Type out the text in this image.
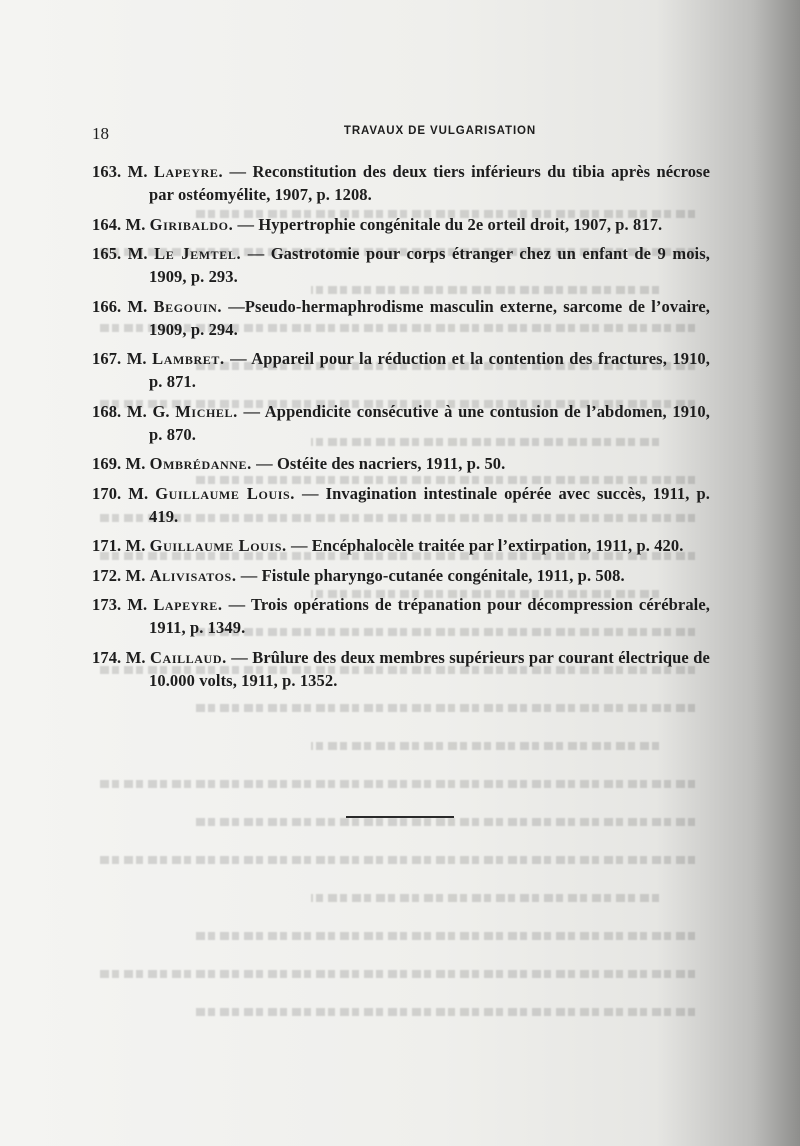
18	TRAVAUX DE VULGARISATION
163. M. Lapeyre. — Reconstitution des deux tiers inférieurs du tibia après nécrose par ostéomyélite, 1907, p. 1208.
164. M. Giribaldo. — Hypertrophie congénitale du 2e orteil droit, 1907, p. 817.
165. M. Le Jemtel. — Gastrotomie pour corps étranger chez un enfant de 9 mois, 1909, p. 293.
166. M. Begouin. —Pseudo-hermaphrodisme masculin externe, sarcome de l’ovaire, 1909, p. 294.
167. M. Lambret. — Appareil pour la réduction et la contention des fractures, 1910, p. 871.
168. M. G. Michel. — Appendicite consécutive à une contusion de l’abdomen, 1910, p. 870.
169. M. Ombrédanne. — Ostéite des nacriers, 1911, p. 50.
170. M. Guillaume Louis. — Invagination intestinale opérée avec succès, 1911, p. 419.
171. M. Guillaume Louis. — Encéphalocèle traitée par l’extirpation, 1911, p. 420.
172. M. Alivisatos. — Fistule pharyngo-cutanée congénitale, 1911, p. 508.
173. M. Lapeyre. — Trois opérations de trépanation pour décompression cérébrale, 1911, p. 1349.
174. M. Caillaud. — Brûlure des deux membres supérieurs par courant électrique de 10.000 volts, 1911, p. 1352.
